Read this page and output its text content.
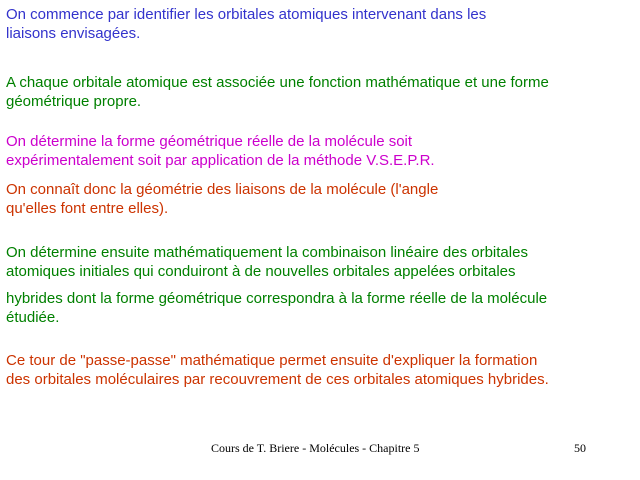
On commence par identifier les orbitales atomiques intervenant dans les
liaisons envisagées.

A chaque orbitale atomique est associée une fonction mathématique et une forme
géométrique propre.

On détermine la forme géométrique réelle de la molécule soit
expérimentalement soit par application de la méthode V.S.E.P.R.

On connaît donc la géométrie des liaisons de la molécule (l'angle
qu'elles font entre elles).

On détermine ensuite mathématiquement la combinaison linéaire des orbitales
atomiques initiales qui conduiront à de nouvelles orbitales appelées orbitales

hybrides dont la forme géométrique correspondra à la forme réelle de la molécule
étudiée.

Ce tour de "passe-passe" mathématique permet ensuite d'expliquer la formation
des orbitales moléculaires par recouvrement de ces orbitales atomiques hybrides.

Cours de T. Briere - Molécules - Chapitre 5	50
